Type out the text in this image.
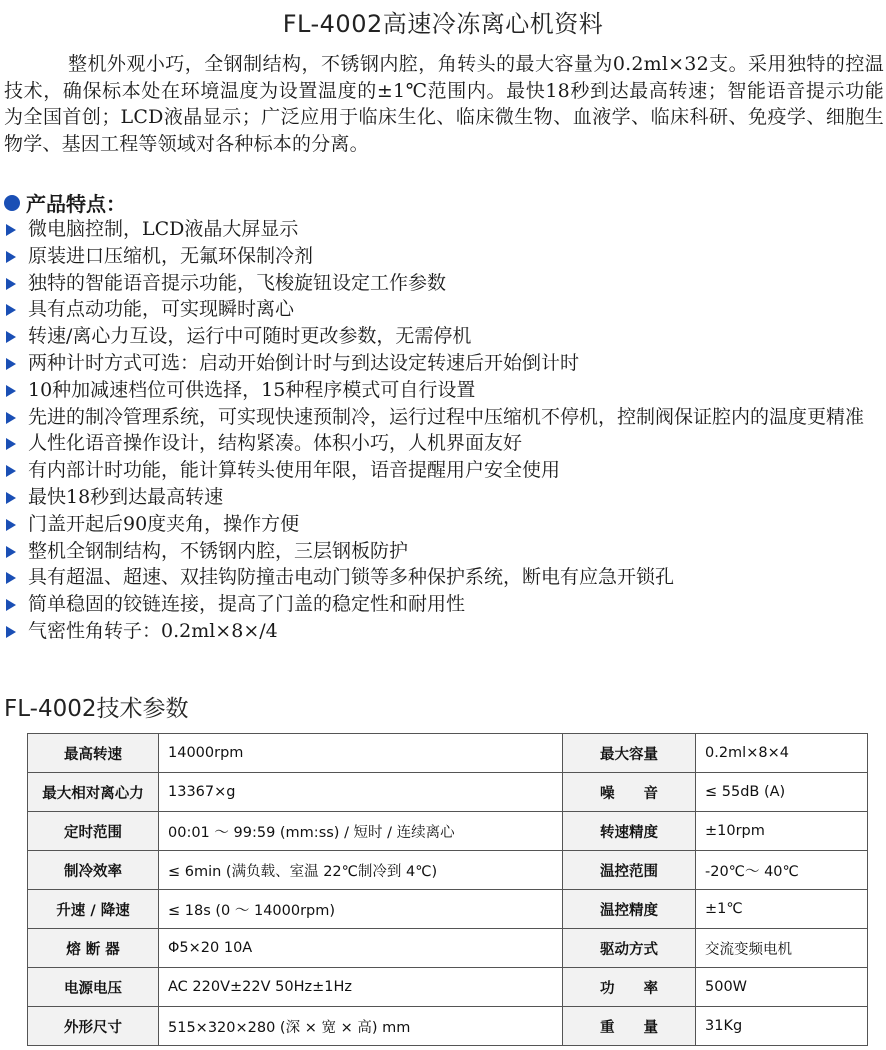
FL-4002高速冷冻离心机资料
整机外观小巧，全钢制结构，不锈钢内腔，角转头的最大容量为0.2ml×32支。采用独特的控温技术，确保标本处在环境温度为设置温度的±1℃范围内。最快18秒到达最高转速；智能语音提示功能为全国首创；LCD液晶显示；广泛应用于临床生化、临床微生物、血液学、临床科研、免疫学、细胞生物学、基因工程等领域对各种标本的分离。
产品特点：
微电脑控制，LCD液晶大屏显示
原装进口压缩机，无氟环保制冷剂
独特的智能语音提示功能，飞梭旋钮设定工作参数
具有点动功能，可实现瞬时离心
转速/离心力互设，运行中可随时更改参数，无需停机
两种计时方式可选：启动开始倒计时与到达设定转速后开始倒计时
10种加减速档位可供选择，15种程序模式可自行设置
先进的制冷管理系统，可实现快速预制冷，运行过程中压缩机不停机，控制阀保证腔内的温度更精准
人性化语音操作设计，结构紧凑。体积小巧，人机界面友好
有内部计时功能，能计算转头使用年限，语音提醒用户安全使用
最快18秒到达最高转速
门盖开起后90度夹角，操作方便
整机全钢制结构，不锈钢内腔，三层钢板防护
具有超温、超速、双挂钩防撞击电动门锁等多种保护系统，断电有应急开锁孔
简单稳固的铰链连接，提高了门盖的稳定性和耐用性
气密性角转子：0.2ml×8×/4
FL-4002技术参数
最高转速	14000rpm	最大容量	0.2ml×8×4
最大相对离心力	13367×g	噪　　音	≤ 55dB (A)
定时范围	00:01 ～ 99:59 (mm:ss) / 短时 / 连续离心	转速精度	±10rpm
制冷效率	≤ 6min (满负载、室温 22℃制冷到 4℃)	温控范围	-20℃～ 40℃
升速 / 降速	≤ 18s (0 ～ 14000rpm)	温控精度	±1℃
熔 断 器	Φ5×20 10A	驱动方式	交流变频电机
电源电压	AC 220V±22V 50Hz±1Hz	功　　率	500W
外形尺寸	515×320×280 (深 × 宽 × 高) mm	重　　量	31Kg
